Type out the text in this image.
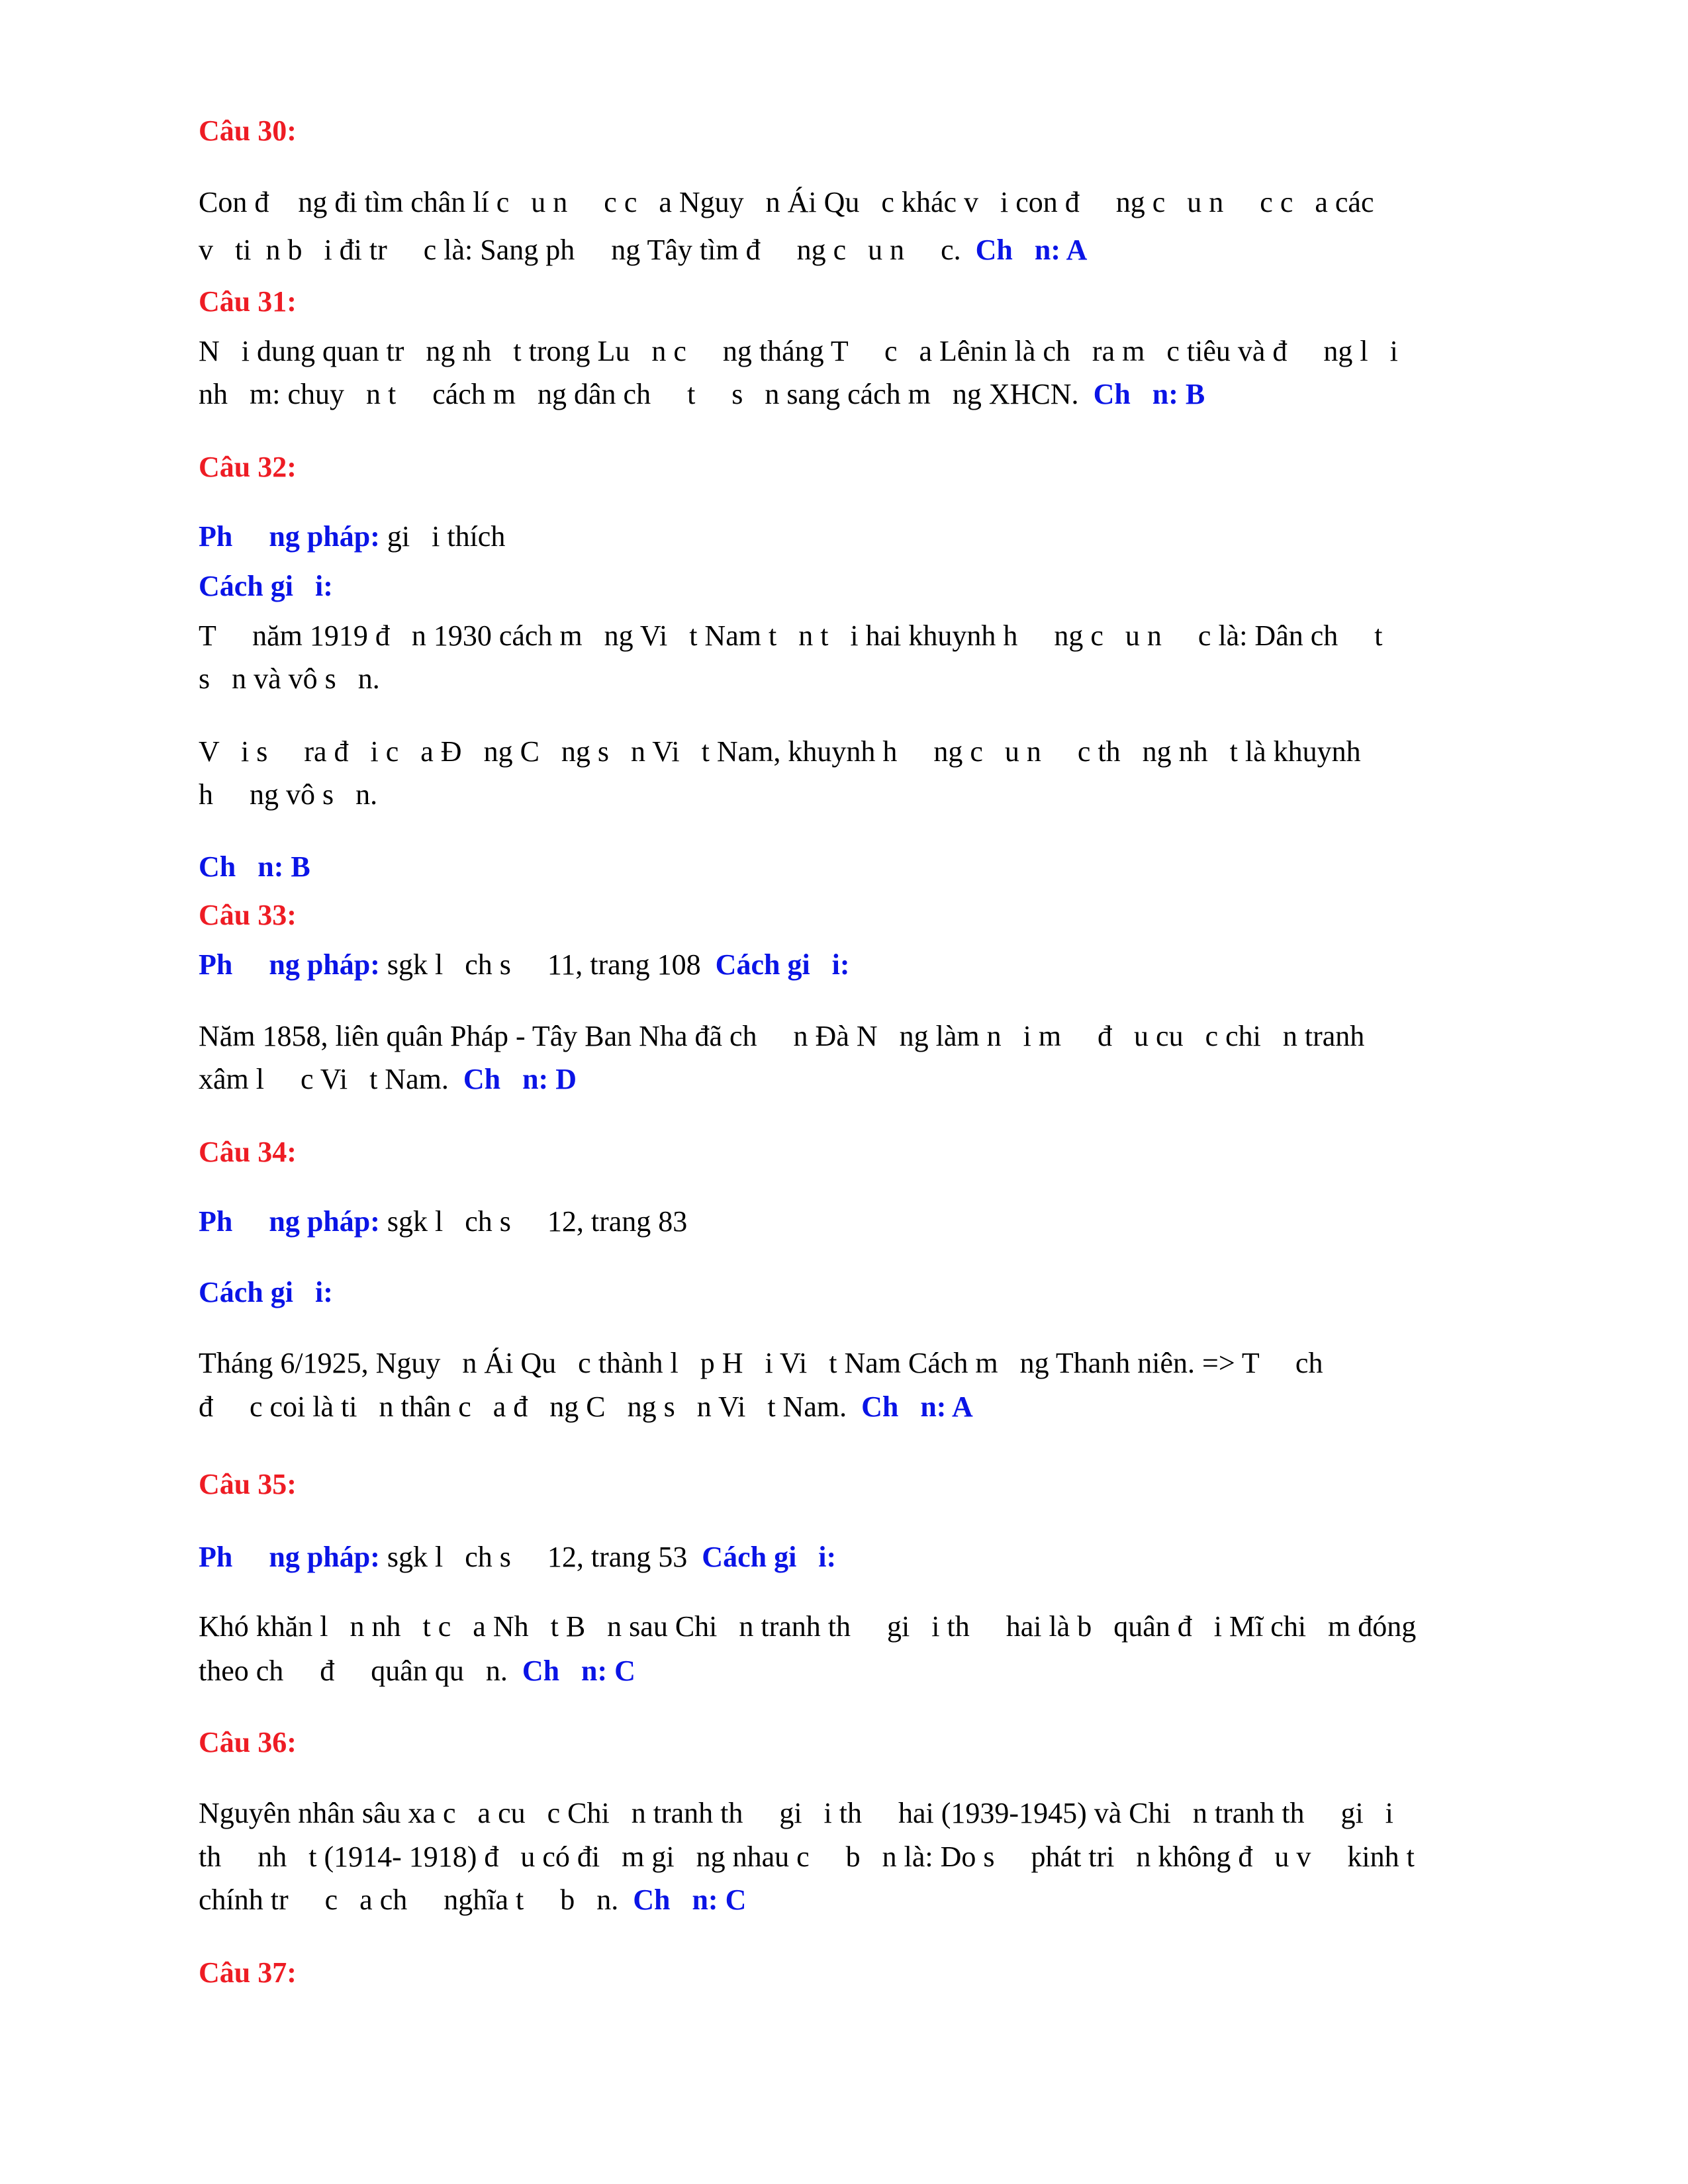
Câu 30:
Con đ    ng đi tìm chân lí c   u n     c c   a Nguy   n Ái Qu   c khác v   i con đ     ng c   u n     c c   a các
v   ti  n b   i đi tr     c là: Sang ph     ng Tây tìm đ     ng c   u n     c. Ch   n: A
Câu 31:
N   i dung quan tr   ng nh   t trong Lu   n c     ng tháng T     c   a Lênin là ch   ra m   c tiêu và đ     ng l   i
nh   m: chuy   n t     cách m   ng dân ch     t     s   n sang cách m   ng XHCN. Ch   n: B
Câu 32:
Ph     ng pháp: gi   i thích
Cách gi   i:
T     năm 1919 đ   n 1930 cách m   ng Vi   t Nam t   n t   i hai khuynh h     ng c   u n     c là: Dân ch     t
s   n và vô s   n.
V   i s     ra đ   i c   a Đ   ng C   ng s   n Vi   t Nam, khuynh h     ng c   u n     c th   ng nh   t là khuynh
h     ng vô s   n.
Ch   n: B
Câu 33:
Ph     ng pháp: sgk l   ch s     11, trang 108 Cách gi   i:
Năm 1858, liên quân Pháp - Tây Ban Nha đã ch     n Đà N   ng làm n   i m     đ   u cu   c chi   n tranh
xâm l     c Vi   t Nam. Ch   n: D
Câu 34:
Ph     ng pháp: sgk l   ch s     12, trang 83
Cách gi   i:
Tháng 6/1925, Nguy   n Ái Qu   c thành l   p H   i Vi   t Nam Cách m   ng Thanh niên. => T     ch
đ     c coi là ti   n thân c   a đ   ng C   ng s   n Vi   t Nam. Ch   n: A
Câu 35:
Ph     ng pháp: sgk l   ch s     12, trang 53 Cách gi   i:
Khó khăn l   n nh   t c   a Nh   t B   n sau Chi   n tranh th     gi   i th     hai là b   quân đ   i Mĩ chi   m đóng
theo ch     đ     quân qu   n. Ch   n: C
Câu 36:
Nguyên nhân sâu xa c   a cu   c Chi   n tranh th     gi   i th     hai (1939-1945) và Chi   n tranh th     gi   i
th     nh   t (1914- 1918) đ   u có đi   m gi   ng nhau c     b   n là: Do s     phát tri   n không đ   u v     kinh t
chính tr     c   a ch     nghĩa t     b   n. Ch   n: C
Câu 37:
